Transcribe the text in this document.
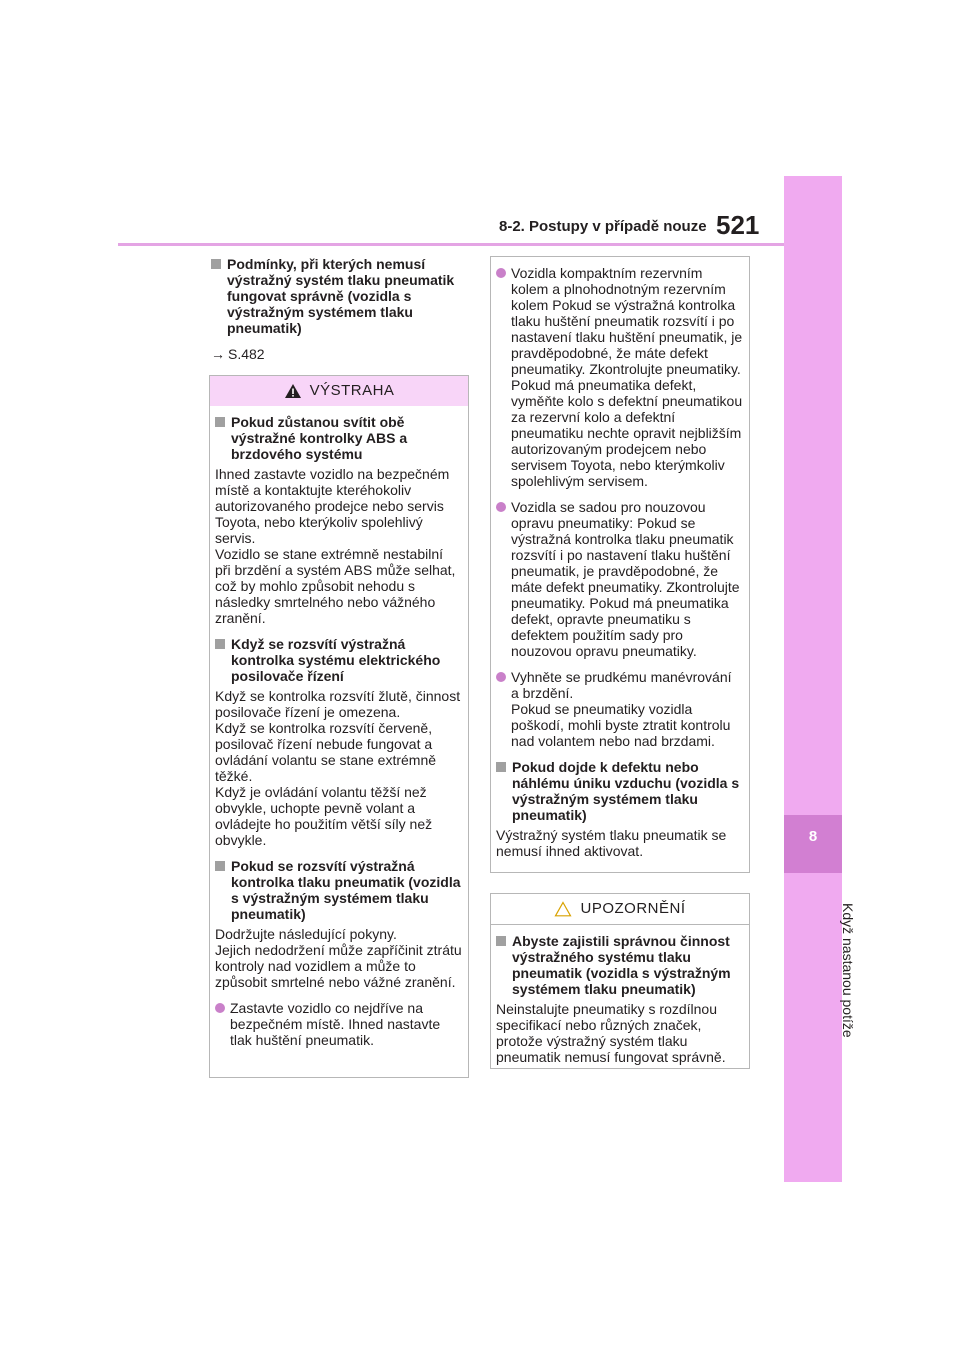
8
Když nastanou potíže
8-2. Postupy v případě nouze 521
Podmínky, při kterých nemusí výstražný systém tlaku pneumatik fungovat správně (vozidla s výstražným systémem tlaku pneumatik)
→ S.482
VÝSTRAHA
Pokud zůstanou svítit obě výstražné kontrolky ABS a brzdového systému
Ihned zastavte vozidlo na bezpečném místě a kontaktujte kteréhokoliv autorizovaného prodejce nebo servis Toyota, nebo kterýkoliv spolehlivý servis.
Vozidlo se stane extrémně nestabilní při brzdění a systém ABS může selhat, což by mohlo způsobit nehodu s následky smrtelného nebo vážného zranění.
Když se rozsvítí výstražná kontrolka systému elektrického posilovače řízení
Když se kontrolka rozsvítí žlutě, činnost posilovače řízení je omezena.
Když se kontrolka rozsvítí červeně, posilovač řízení nebude fungovat a ovládání volantu se stane extrémně těžké.
Když je ovládání volantu těžší než obvykle, uchopte pevně volant a ovládejte ho použitím větší síly než obvykle.
Pokud se rozsvítí výstražná kontrolka tlaku pneumatik (vozidla s výstražným systémem tlaku pneumatik)
Dodržujte následující pokyny.
Jejich nedodržení může zapříčinit ztrátu kontroly nad vozidlem a může to způsobit smrtelné nebo vážné zranění.
Zastavte vozidlo co nejdříve na bezpečném místě. Ihned nastavte tlak huštění pneumatik.
Vozidla kompaktním rezervním kolem a plnohodnotným rezervním kolem Pokud se výstražná kontrolka tlaku huštění pneumatik rozsvítí i po nastavení tlaku huštění pneumatik, je pravděpodobné, že máte defekt pneumatiky. Zkontrolujte pneumatiky. Pokud má pneumatika defekt, vyměňte kolo s defektní pneumatikou za rezervní kolo a defektní pneumatiku nechte opravit nejbližším autorizovaným prodejcem nebo servisem Toyota, nebo kterýmkoliv spolehlivým servisem.
Vozidla se sadou pro nouzovou opravu pneumatiky: Pokud se výstražná kontrolka tlaku pneumatik rozsvítí i po nastavení tlaku huštění pneumatik, je pravděpodobné, že máte defekt pneumatiky. Zkontrolujte pneumatiky. Pokud má pneumatika defekt, opravte pneumatiku s defektem použitím sady pro nouzovou opravu pneumatiky.
Vyhněte se prudkému manévrování a brzdění.
Pokud se pneumatiky vozidla poškodí, mohli byste ztratit kontrolu nad volantem nebo nad brzdami.
Pokud dojde k defektu nebo náhlému úniku vzduchu (vozidla s výstražným systémem tlaku pneumatik)
Výstražný systém tlaku pneumatik se nemusí ihned aktivovat.
UPOZORNĚNÍ
Abyste zajistili správnou činnost výstražného systému tlaku pneumatik (vozidla s výstražným systémem tlaku pneumatik)
Neinstalujte pneumatiky s rozdílnou specifikací nebo různých značek, protože výstražný systém tlaku pneumatik nemusí fungovat správně.
